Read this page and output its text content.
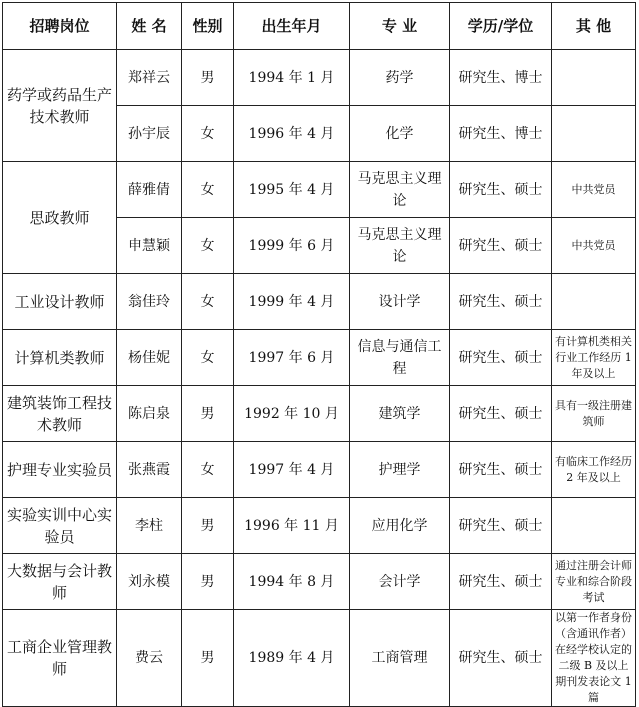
招聘岗位	姓 名	性别	出生年月	专 业	学历/学位	其 他
药学或药品生产技术教师	郑祥云	男	1994 年 1 月	药学	研究生、博士	
	孙宇辰	女	1996 年 4 月	化学	研究生、博士	
思政教师	薛雅倩	女	1995 年 4 月	马克思主义理论	研究生、硕士	中共党员
	申慧颖	女	1999 年 6 月	马克思主义理论	研究生、硕士	中共党员
工业设计教师	翁佳玲	女	1999 年 4 月	设计学	研究生、硕士	
计算机类教师	杨佳妮	女	1997 年 6 月	信息与通信工程	研究生、硕士	有计算机类相关行业工作经历 1 年及以上
建筑装饰工程技术教师	陈启泉	男	1992 年 10 月	建筑学	研究生、硕士	具有一级注册建筑师
护理专业实验员	张燕霞	女	1997 年 4 月	护理学	研究生、硕士	有临床工作经历 2 年及以上
实验实训中心实验员	李柱	男	1996 年 11 月	应用化学	研究生、硕士	
大数据与会计教师	刘永模	男	1994 年 8 月	会计学	研究生、硕士	通过注册会计师专业和综合阶段考试
工商企业管理教师	费云	男	1989 年 4 月	工商管理	研究生、硕士	以第一作者身份（含通讯作者）在经学校认定的二级 B 及以上期刊发表论文 1 篇
